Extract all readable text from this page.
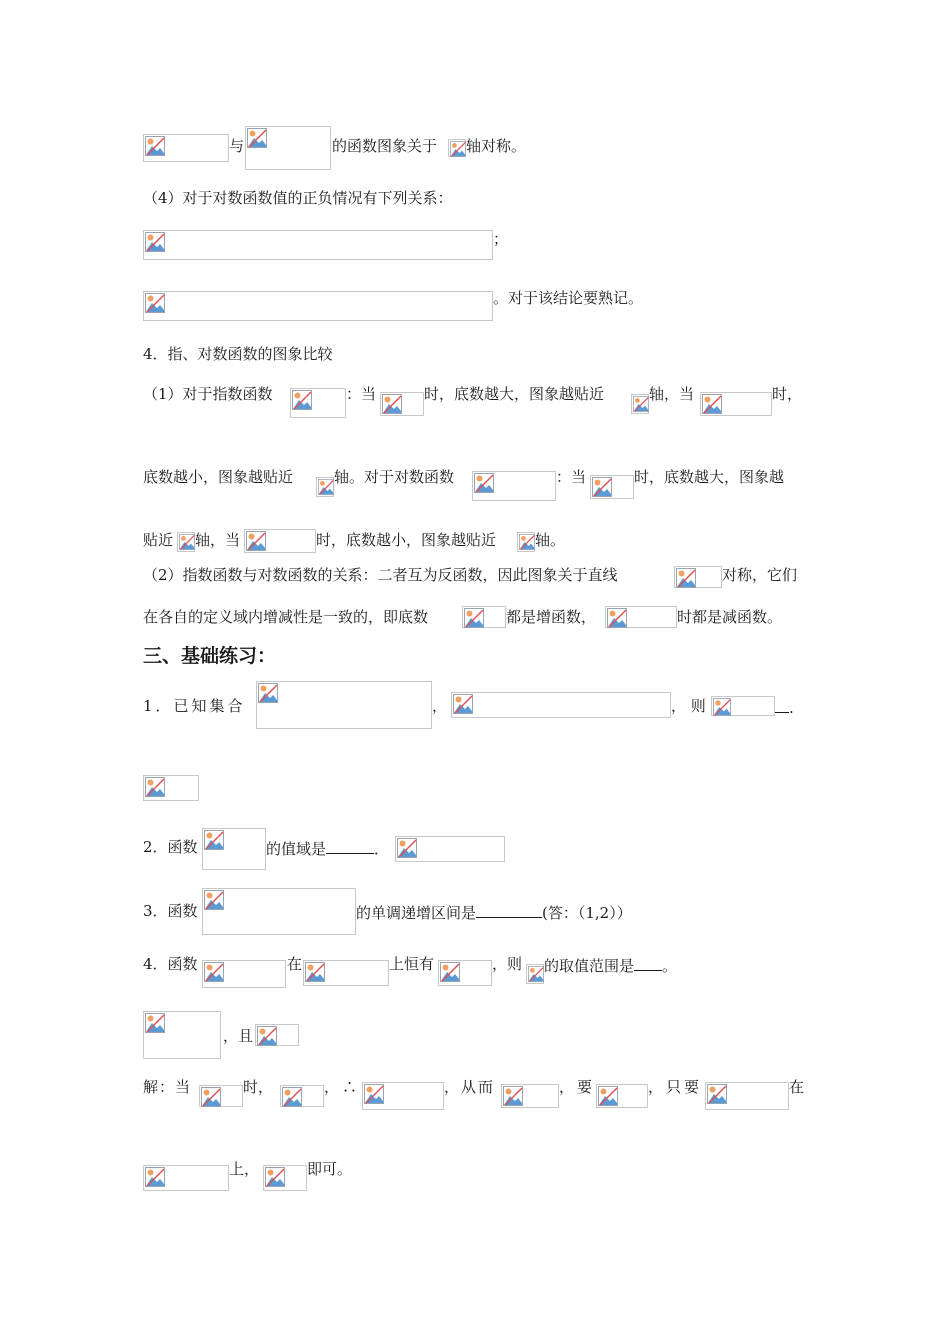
与	的函数图象关于 轴对称。
（4）对于对数函数值的正负情况有下列关系：
；
。对于该结论要熟记。
4．指、对数函数的图象比较
（1）对于指数函数	：当	时，底数越大，图象越贴近	轴，当	时，
底数越小，图象越贴近	轴。对于对数函数	：当	时，底数越大，图象越
贴近 轴，当	时，底数越小，图象越贴近	轴。
（2）指数函数与对数函数的关系：二者互为反函数，因此图象关于直线	对称，它们
在各自的定义域内增减性是一致的，即底数	都是增函数，	时都是减函数。
三、基础练习：
1．已知集合	，	， 则	.
2．函数	的值域是	．
3．函数	的单调递增区间是	(答：（1,2））
4．函数	在	上恒有	，则 的取值范围是 。
，且
解：当	时，	，∴	，从而	，要	，只要	在
上，	即可。
